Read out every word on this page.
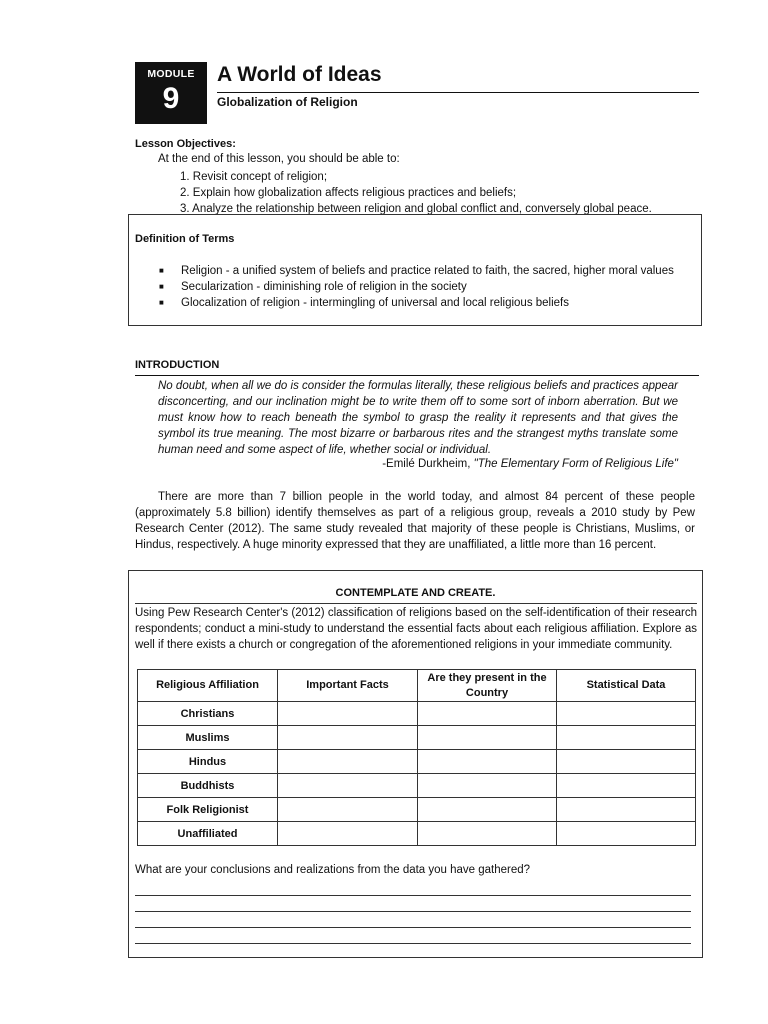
MODULE
9
A World of Ideas
Globalization of Religion
Lesson Objectives:
At the end of this lesson, you should be able to:
1. Revisit concept of religion;
2. Explain how globalization affects religious practices and beliefs;
3. Analyze the relationship between religion and global conflict and, conversely global peace.
Definition of Terms
■ Religion - a unified system of beliefs and practice related to faith, the sacred, higher moral values
■ Secularization - diminishing role of religion in the society
■ Glocalization of religion - intermingling of universal and local religious beliefs
INTRODUCTION
No doubt, when all we do is consider the formulas literally, these religious beliefs and practices appear disconcerting, and our inclination might be to write them off to some sort of inborn aberration. But we must know how to reach beneath the symbol to grasp the reality it represents and that gives the symbol its true meaning. The most bizarre or barbarous rites and the strangest myths translate some human need and some aspect of life, whether social or individual.
-Emilé Durkheim, "The Elementary Form of Religious Life"
There are more than 7 billion people in the world today, and almost 84 percent of these people (approximately 5.8 billion) identify themselves as part of a religious group, reveals a 2010 study by Pew Research Center (2012). The same study revealed that majority of these people is Christians, Muslims, or Hindus, respectively. A huge minority expressed that they are unaffiliated, a little more than 16 percent.
CONTEMPLATE AND CREATE.
Using Pew Research Center's (2012) classification of religions based on the self-identification of their research respondents; conduct a mini-study to understand the essential facts about each religious affiliation. Explore as well if there exists a church or congregation of the aforementioned religions in your immediate community.
Religious Affiliation	Important Facts	Are they present in the Country	Statistical Data
Christians			
Muslims			
Hindus			
Buddhists			
Folk Religionist			
Unaffiliated			
What are your conclusions and realizations from the data you have gathered?
